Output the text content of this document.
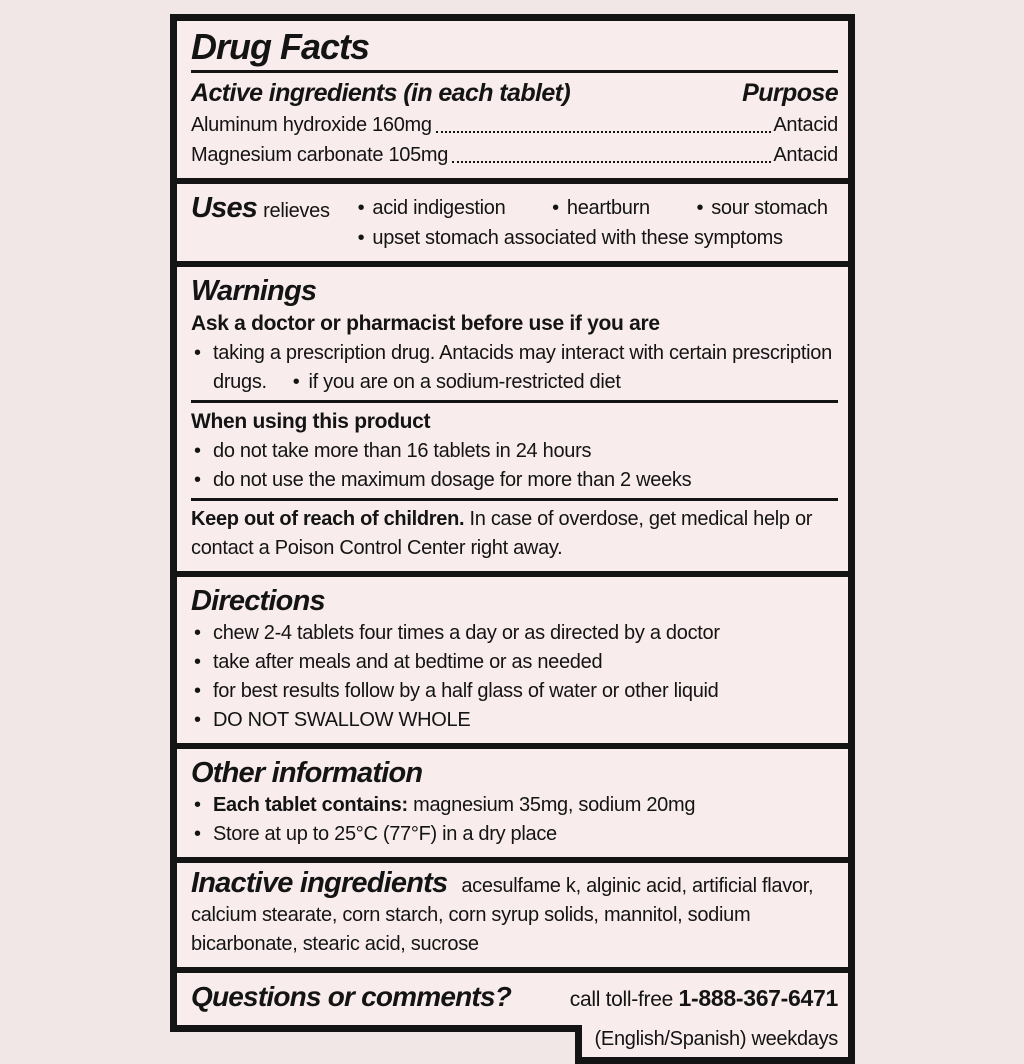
Drug Facts
Active ingredients (in each tablet)	Purpose
Aluminum hydroxide 160mg	Antacid
Magnesium carbonate 105mg	Antacid
Uses relieves	• acid indigestion	• heartburn	• sour stomach
• upset stomach associated with these symptoms
Warnings
Ask a doctor or pharmacist before use if you are
• taking a prescription drug. Antacids may interact with certain prescription drugs. • if you are on a sodium-restricted diet
When using this product
• do not take more than 16 tablets in 24 hours
• do not use the maximum dosage for more than 2 weeks
Keep out of reach of children. In case of overdose, get medical help or contact a Poison Control Center right away.
Directions
• chew 2-4 tablets four times a day or as directed by a doctor
• take after meals and at bedtime or as needed
• for best results follow by a half glass of water or other liquid
• DO NOT SWALLOW WHOLE
Other information
• Each tablet contains: magnesium 35mg, sodium 20mg
• Store at up to 25°C (77°F) in a dry place
Inactive ingredients acesulfame k, alginic acid, artificial flavor, calcium stearate, corn starch, corn syrup solids, mannitol, sodium bicarbonate, stearic acid, sucrose
Questions or comments?	call toll-free 1-888-367-6471
(English/Spanish) weekdays
